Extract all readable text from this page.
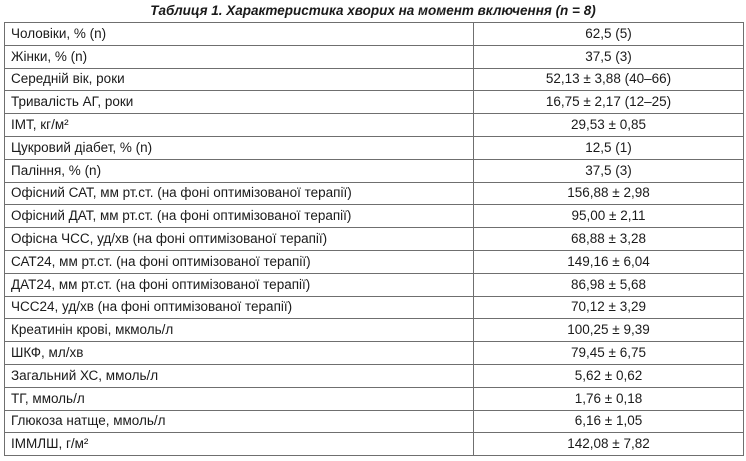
Таблиця 1. Характеристика хворих на момент включення (n = 8)

Чоловіки, % (n)	62,5 (5)
Жінки, % (n)	37,5 (3)
Середній вік, роки	52,13 ± 3,88 (40–66)
Тривалість АГ, роки	16,75 ± 2,17 (12–25)
ІМТ, кг/м²	29,53 ± 0,85
Цукровий діабет, % (n)	12,5 (1)
Паління, % (n)	37,5 (3)
Офісний САТ, мм рт.ст. (на фоні оптимізованої терапії)	156,88 ± 2,98
Офісний ДАТ, мм рт.ст. (на фоні оптимізованої терапії)	95,00 ± 2,11
Офісна ЧСС, уд/хв (на фоні оптимізованої терапії)	68,88 ± 3,28
САТ24, мм рт.ст. (на фоні оптимізованої терапії)	149,16 ± 6,04
ДАТ24, мм рт.ст. (на фоні оптимізованої терапії)	86,98 ± 5,68
ЧСС24, уд/хв (на фоні оптимізованої терапії)	70,12 ± 3,29
Креатинін крові, мкмоль/л	100,25 ± 9,39
ШКФ, мл/хв	79,45 ± 6,75
Загальний ХС, ммоль/л	5,62 ± 0,62
ТГ, ммоль/л	1,76 ± 0,18
Глюкоза натще, ммоль/л	6,16 ± 1,05
ІММЛШ, г/м²	142,08 ± 7,82
